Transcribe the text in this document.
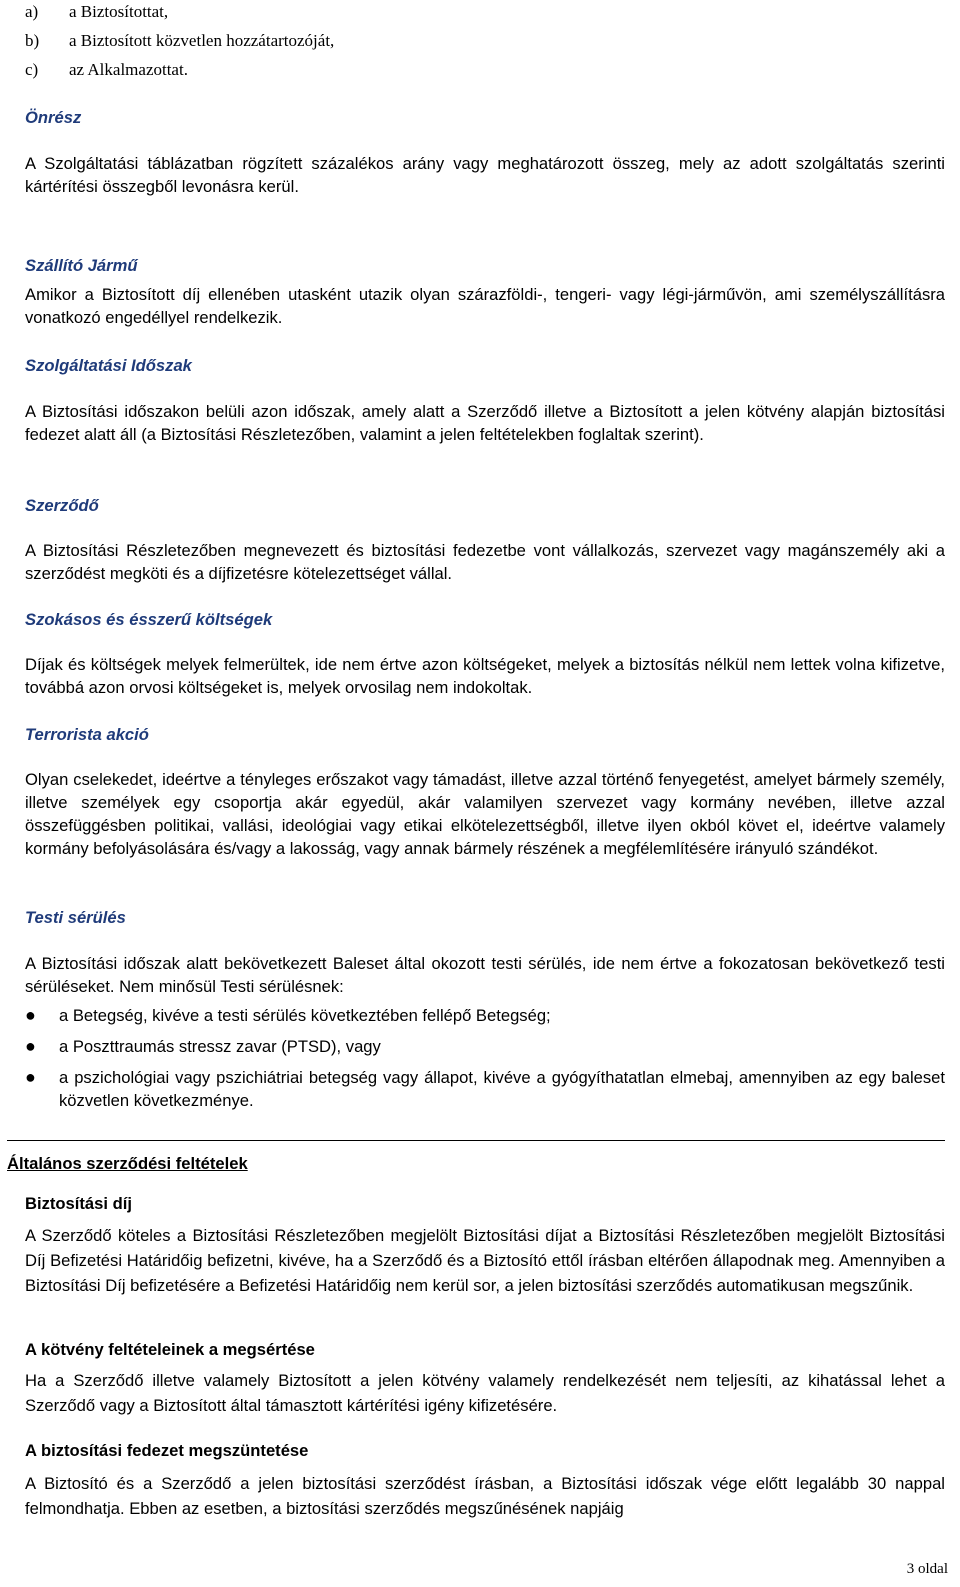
a) a Biztosítottat,
b) a Biztosított közvetlen hozzátartozóját,
c) az Alkalmazottat.

Önrész

A Szolgáltatási táblázatban rögzített százalékos arány vagy meghatározott összeg, mely az adott szolgáltatás szerinti kártérítési összegből levonásra kerül.

Szállító Jármű

Amikor a Biztosított díj ellenében utasként utazik olyan szárazföldi-, tengeri- vagy légi-járművön, ami személyszállításra vonatkozó engedéllyel rendelkezik.

Szolgáltatási Időszak

A Biztosítási időszakon belüli azon időszak, amely alatt a Szerződő illetve a Biztosított a jelen kötvény alapján biztosítási fedezet alatt áll (a Biztosítási Részletezőben, valamint a jelen feltételekben foglaltak szerint).

Szerződő

A Biztosítási Részletezőben megnevezett és biztosítási fedezetbe vont vállalkozás, szervezet vagy magánszemély aki a szerződést megköti és a díjfizetésre kötelezettséget vállal.

Szokásos és ésszerű költségek

Díjak és költségek melyek felmerültek, ide nem értve azon költségeket, melyek a biztosítás nélkül nem lettek volna kifizetve, továbbá azon orvosi költségeket is, melyek orvosilag nem indokoltak.

Terrorista akció

Olyan cselekedet, ideértve a tényleges erőszakot vagy támadást, illetve azzal történő fenyegetést, amelyet bármely személy, illetve személyek egy csoportja akár egyedül, akár valamilyen szervezet vagy kormány nevében, illetve azzal összefüggésben politikai, vallási, ideológiai vagy etikai elkötelezettségből, illetve ilyen okból követ el, ideértve valamely kormány befolyásolására és/vagy a lakosság, vagy annak bármely részének a megfélemlítésére irányuló szándékot.

Testi sérülés

A Biztosítási időszak alatt bekövetkezett Baleset által okozott testi sérülés, ide nem értve a fokozatosan bekövetkező testi sérüléseket. Nem minősül Testi sérülésnek:

● a Betegség, kivéve a testi sérülés következtében fellépő Betegség;
● a Poszttraumás stressz zavar (PTSD), vagy
● a pszichológiai vagy pszichiátriai betegség vagy állapot, kivéve a gyógyíthatatlan elmebaj, amennyiben az egy baleset közvetlen következménye.

Általános szerződési feltételek

Biztosítási díj

A Szerződő köteles a Biztosítási Részletezőben megjelölt Biztosítási díjat a Biztosítási Részletezőben megjelölt Biztosítási Díj Befizetési Határidőig befizetni, kivéve, ha a Szerződő és a Biztosító ettől írásban eltérően állapodnak meg. Amennyiben a Biztosítási Díj befizetésére a Befizetési Határidőig nem kerül sor, a jelen biztosítási szerződés automatikusan megszűnik.

A kötvény feltételeinek a megsértése

Ha a Szerződő illetve valamely Biztosított a jelen kötvény valamely rendelkezését nem teljesíti, az kihatással lehet a Szerződő vagy a Biztosított által támasztott kártérítési igény kifizetésére.

A biztosítási fedezet megszüntetése

A Biztosító és a Szerződő a jelen biztosítási szerződést írásban, a Biztosítási időszak vége előtt legalább 30 nappal felmondhatja. Ebben az esetben, a biztosítási szerződés megszűnésének napjáig

3 oldal
